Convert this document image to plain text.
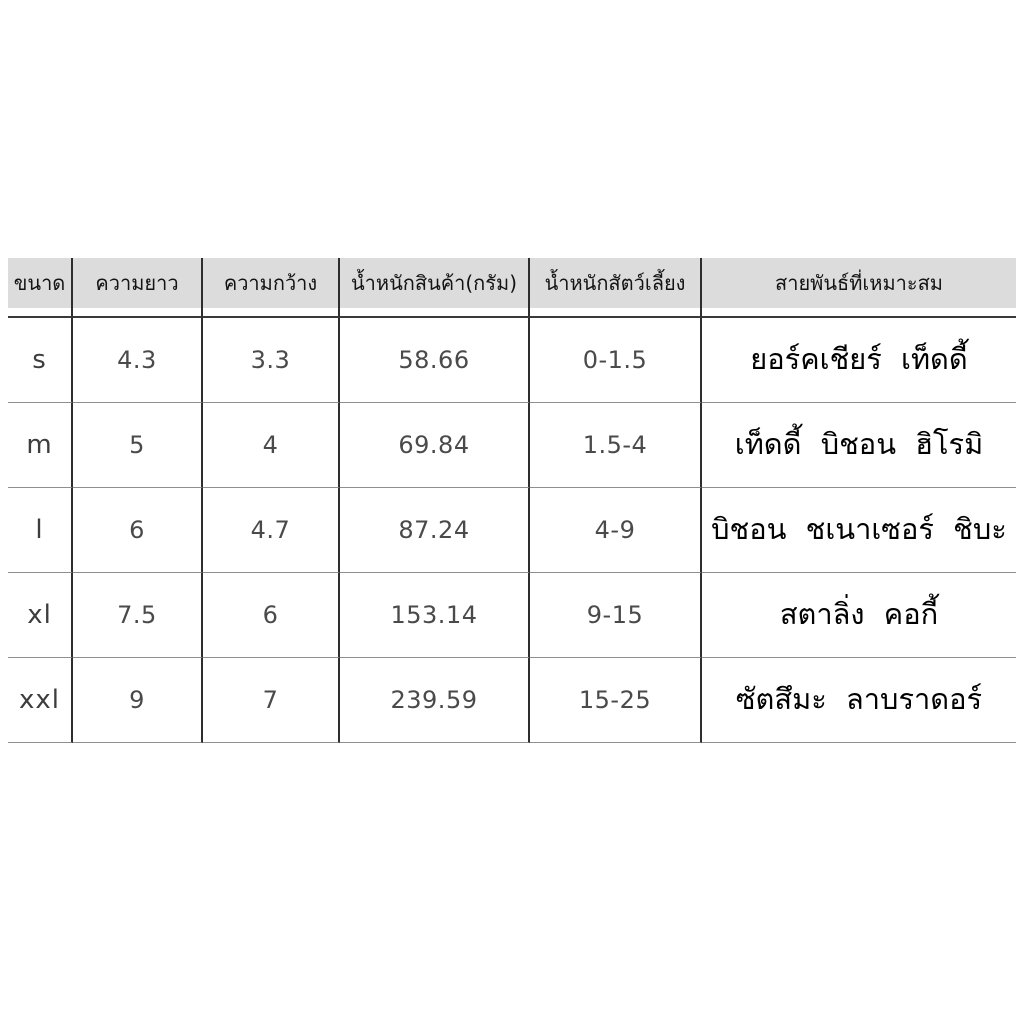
ขนาด	ความยาว	ความกว้าง	น้ำหนักสินค้า(กรัม)	น้ำหนักสัตว์เลี้ยง	สายพันธ์ที่เหมาะสม
s	4.3	3.3	58.66	0-1.5	ยอร์คเชียร์ เท็ดดี้
m	5	4	69.84	1.5-4	เท็ดดี้ บิชอน ฮิโรมิ
l	6	4.7	87.24	4-9	บิชอน ชเนาเซอร์ ชิบะ
xl	7.5	6	153.14	9-15	สตาลิ่ง คอกี้
xxl	9	7	239.59	15-25	ซัตสึมะ ลาบราดอร์
